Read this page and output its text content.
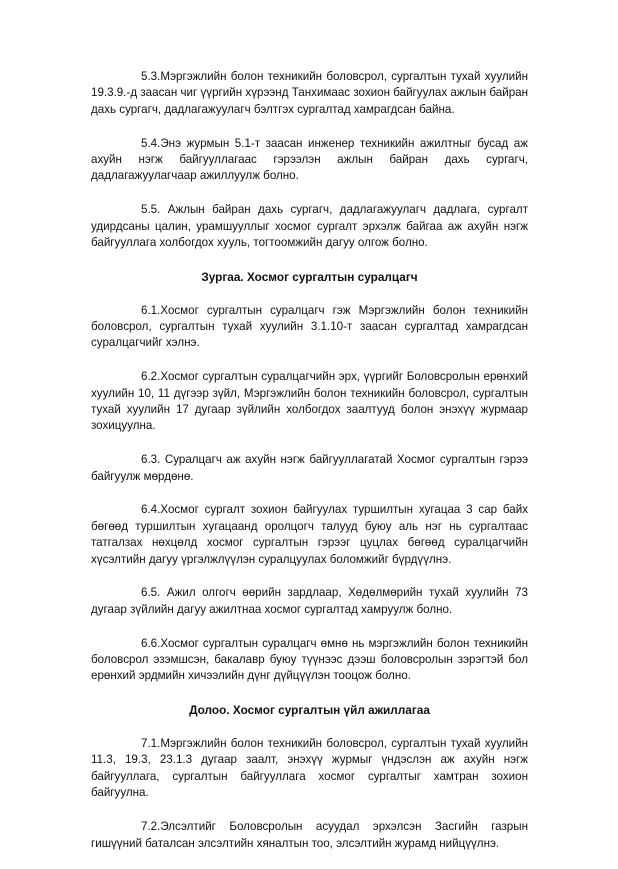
5.3.Мэргэжлийн болон техникийн боловсрол, сургалтын тухай хуулийн 19.3.9.-д заасан чиг үүргийн хүрээнд Танхимаас зохион байгуулах ажлын байран дахь сургагч, дадлагажуулагч бэлтгэх сургалтад хамрагдсан байна.

5.4.Энэ журмын 5.1-т заасан инженер техникийн ажилтныг бусад аж ахуйн нэгж байгууллагаас гэрээлэн ажлын байран дахь сургагч, дадлагажуулагчаар ажиллуулж болно.

5.5. Ажлын байран дахь сургагч, дадлагажуулагч дадлага, сургалт удирдсаны цалин, урамшууллыг хосмог сургалт эрхэлж байгаа аж ахуйн нэгж байгууллага холбогдох хууль, тогтоомжийн дагуу олгож болно.

Зургаа. Хосмог сургалтын суралцагч

6.1.Хосмог сургалтын суралцагч гэж Мэргэжлийн болон техникийн боловсрол, сургалтын тухай хуулийн 3.1.10-т заасан сургалтад хамрагдсан суралцагчийг хэлнэ.

6.2.Хосмог сургалтын суралцагчийн эрх, үүргийг Боловсролын ерөнхий хуулийн 10, 11 дүгээр зүйл, Мэргэжлийн болон техникийн боловсрол, сургалтын тухай хуулийн 17 дугаар зүйлийн холбогдох заалтууд болон энэхүү журмаар зохицуулна.

6.3. Суралцагч аж ахуйн нэгж байгууллагатай Хосмог сургалтын гэрээ байгуулж мөрдөнө.

6.4.Хосмог сургалт зохион байгуулах туршилтын хугацаа 3 сар байх бөгөөд туршилтын хугацаанд оролцогч талууд буюу аль нэг нь сургалтаас татгалзах нөхцөлд хосмог сургалтын гэрээг цуцлах бөгөөд суралцагчийн хүсэлтийн дагуу үргэлжлүүлэн суралцуулах боломжийг бүрдүүлнэ.

6.5. Ажил олгогч өөрийн зардлаар, Хөдөлмөрийн тухай хуулийн 73 дугаар зүйлийн дагуу ажилтнаа хосмог сургалтад хамруулж болно.

6.6.Хосмог сургалтын суралцагч өмнө нь мэргэжлийн болон техникийн боловсрол эзэмшсэн, бакалавр буюу түүнээс дээш боловсролын зэрэгтэй бол ерөнхий эрдмийн хичээлийн дүнг дүйцүүлэн тооцож болно.

Долоо. Хосмог сургалтын үйл ажиллагаа

7.1.Мэргэжлийн болон техникийн боловсрол, сургалтын тухай хуулийн 11.3, 19.3, 23.1.3 дугаар заалт, энэхүү журмыг үндэслэн аж ахуйн нэгж байгууллага, сургалтын байгууллага хосмог сургалтыг хамтран зохион байгуулна.

7.2.Элсэлтийг Боловсролын асуудал эрхэлсэн Засгийн газрын гишүүний баталсан элсэлтийн хяналтын тоо, элсэлтийн журамд нийцүүлнэ.
